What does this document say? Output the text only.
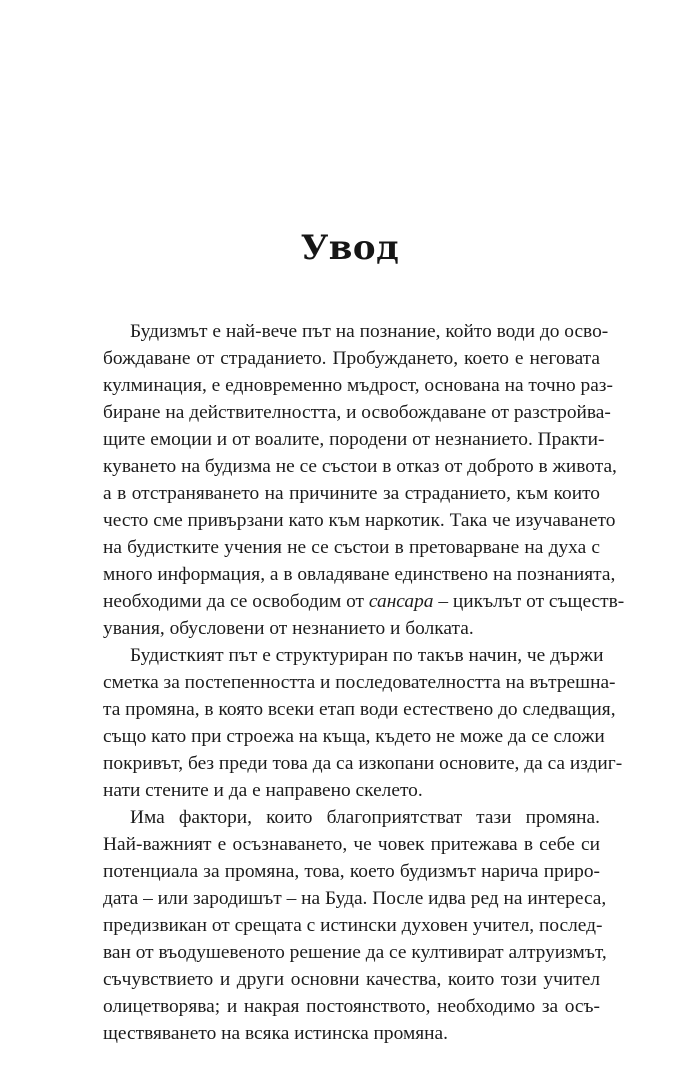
Увод
Будизмът е най-вече път на познание, който води до осво-
бождаване от страданието. Пробуждането, което е неговата
кулминация, е едновременно мъдрост, основана на точно раз-
биране на действителността, и освобождаване от разстройва-
щите емоции и от воалите, породени от незнанието. Практи-
куването на будизма не се състои в отказ от доброто в живота,
а в отстраняването на причините за страданието, към които
често сме привързани като към наркотик. Така че изучаването
на будистките учения не се състои в претоварване на духа с
много информация, а в овладяване единствено на познанията,
необходими да се освободим от сансара – цикълът от съществ-
увания, обусловени от незнанието и болката.
Будисткият път е структуриран по такъв начин, че държи
сметка за постепенността и последователността на вътрешна-
та промяна, в която всеки етап води естествено до следващия,
също като при строежа на къща, където не може да се сложи
покривът, без преди това да са изкопани основите, да са издиг-
нати стените и да е направено скелето.
Има фактори, които благоприятстват тази промяна.
Най-важният е осъзнаването, че човек притежава в себе си
потенциала за промяна, това, което будизмът нарича приро-
дата – или зародишът – на Буда. После идва ред на интереса,
предизвикан от срещата с истински духовен учител, послед-
ван от въодушевеното решение да се култивират алтруизмът,
съчувствието и други основни качества, които този учител
олицетворява; и накрая постоянството, необходимо за осъ-
ществяването на всяка истинска промяна.
